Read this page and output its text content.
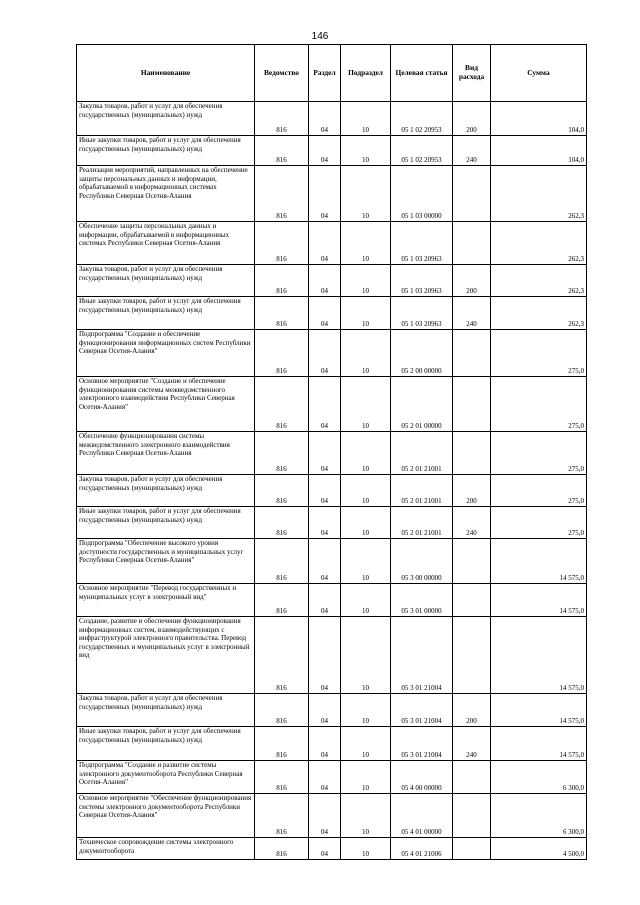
146
Наименование	Ведомство	Раздел	Подраздел	Целевая статья	Вид расхода	Сумма
Закупка товаров, работ и услуг для обеспечения государственных (муниципальных) нужд	816	04	10	05 1 02 20953	200	104,0
Иные закупки товаров, работ и услуг для обеспечения государственных (муниципальных) нужд	816	04	10	05 1 02 20953	240	104,0
Реализация мероприятий, направленных на обеспечение защиты персональных данных и информации, обрабатываемой в информационных системах Республики Северная Осетия-Алания	816	04	10	05 1 03 00000		262,3
Обеспечение защиты персональных данных и информации, обрабатываемой в информационных системах Республики Северная Осетия-Алания	816	04	10	05 1 03 20963		262,3
Закупка товаров, работ и услуг для обеспечения государственных (муниципальных) нужд	816	04	10	05 1 03 20963	200	262,3
Иные закупки товаров, работ и услуг для обеспечения государственных (муниципальных) нужд	816	04	10	05 1 03 20963	240	262,3
Подпрограмма "Создание и обеспечение функционирования информационных систем Республики Северная Осетия-Алания"	816	04	10	05 2 00 00000		275,0
Основное мероприятие "Создание и обеспечение функционирования системы межведомственного электронного взаимодействия Республики Северная Осетия-Алания"	816	04	10	05 2 01 00000		275,0
Обеспечение функционирования системы межведомственного электронного взаимодействия Республики Северная Осетия-Алания	816	04	10	05 2 01 21001		275,0
Закупка товаров, работ и услуг для обеспечения государственных (муниципальных) нужд	816	04	10	05 2 01 21001	200	275,0
Иные закупки товаров, работ и услуг для обеспечения государственных (муниципальных) нужд	816	04	10	05 2 01 21001	240	275,0
Подпрограмма "Обеспечение высокого уровня доступности государственных и муниципальных услуг Республики Северная Осетия-Алания"	816	04	10	05 3 00 00000		14 575,0
Основное мероприятие "Перевод государственных и муниципальных услуг в электронный вид"	816	04	10	05 3 01 00000		14 575,0
Создание, развитие и обеспечение функционирования информационных систем, взаимодействующих с инфраструктурой электронного правительства. Перевод государственных и муниципальных услуг в электронный вид	816	04	10	05 3 01 21004		14 575,0
Закупка товаров, работ и услуг для обеспечения государственных (муниципальных) нужд	816	04	10	05 3 01 21004	200	14 575,0
Иные закупки товаров, работ и услуг для обеспечения государственных (муниципальных) нужд	816	04	10	05 3 01 21004	240	14 575,0
Подпрограмма "Создание и развитие системы электронного документооборота Республики Северная Осетия-Алания"	816	04	10	05 4 00 00000		6 300,0
Основное мероприятие "Обеспечение функционирования системы электронного документооборота Республики Северная Осетия-Алания"	816	04	10	05 4 01 00000		6 300,0
Техническое сопровождение системы электронного документооборота	816	04	10	05 4 01 21006		4 500,0
